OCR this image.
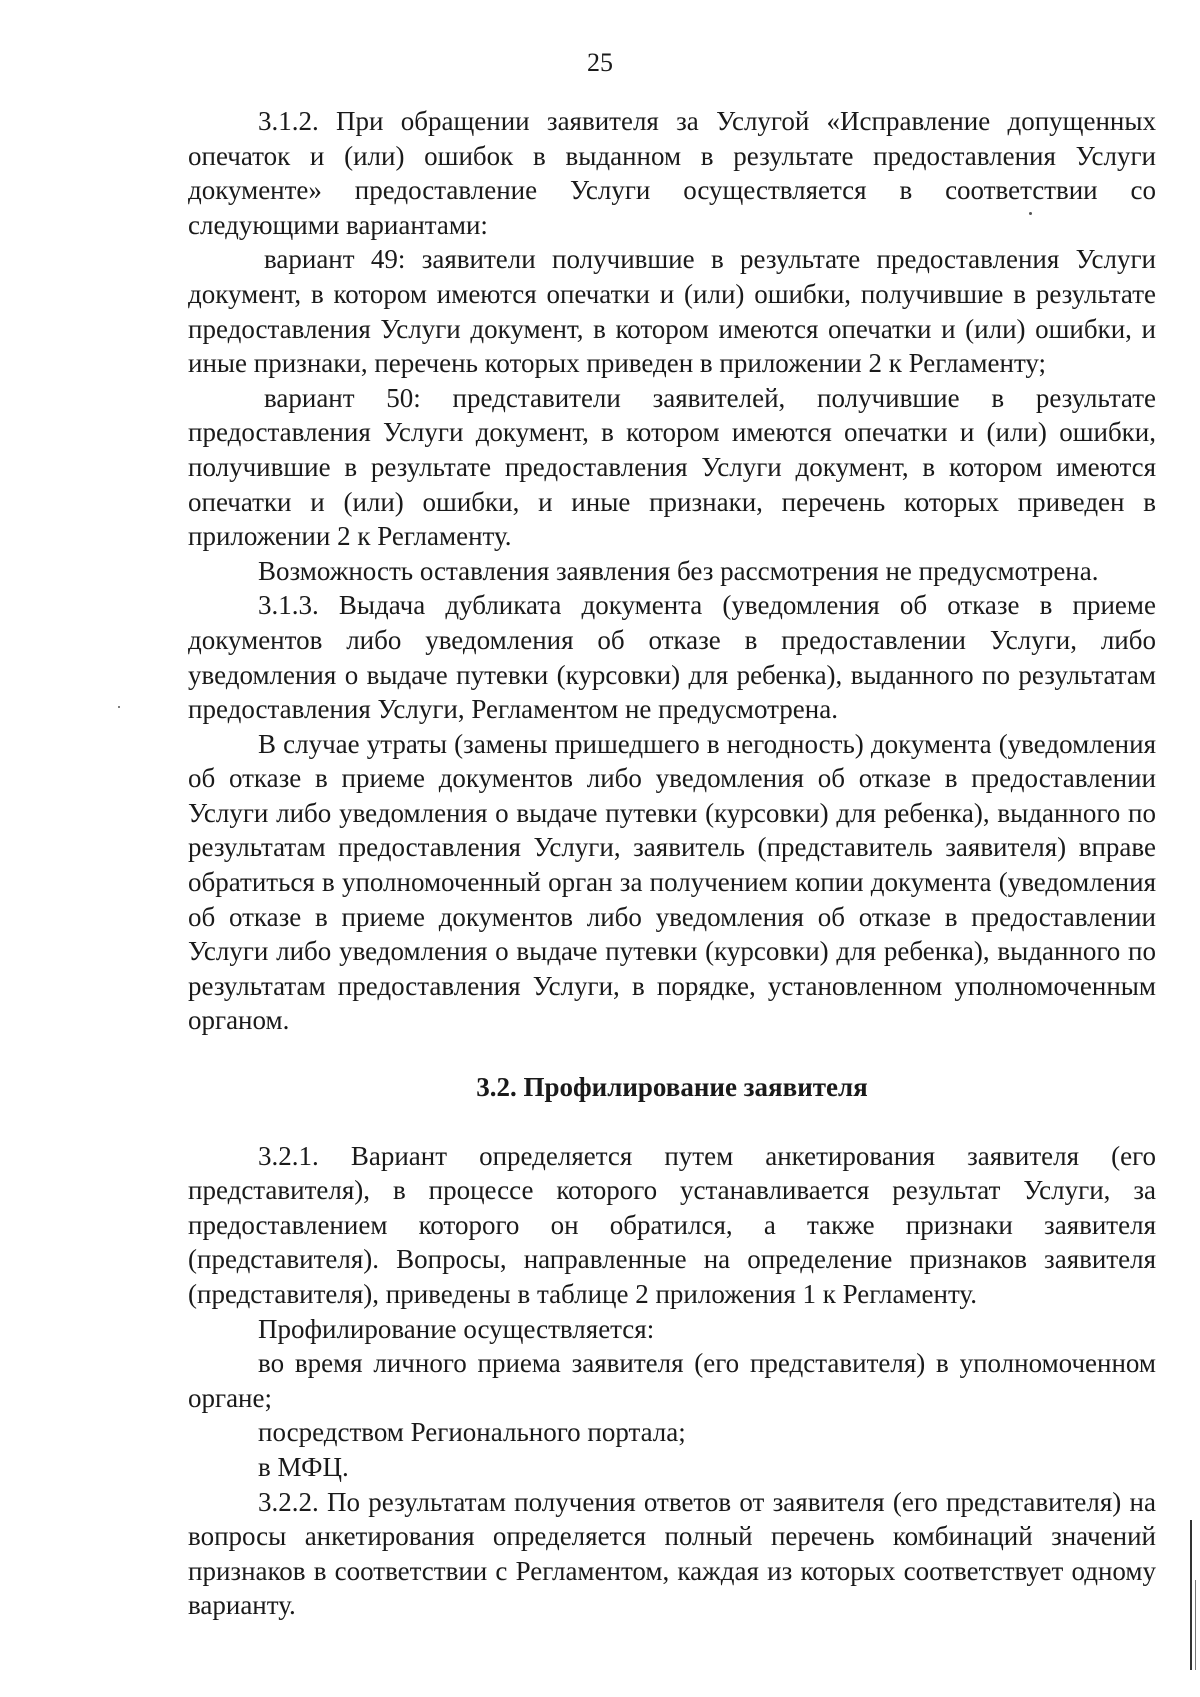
25

3.1.2. При обращении заявителя за Услугой «Исправление допущенных опечаток и (или) ошибок в выданном в результате предоставления Услуги документе» предоставление Услуги осуществляется в соответствии со следующими вариантами:

вариант 49: заявители получившие в результате предоставления Услуги документ, в котором имеются опечатки и (или) ошибки, получившие в результате предоставления Услуги документ, в котором имеются опечатки и (или) ошибки, и иные признаки, перечень которых приведен в приложении 2 к Регламенту;

вариант 50: представители заявителей, получившие в результате предоставления Услуги документ, в котором имеются опечатки и (или) ошибки, получившие в результате предоставления Услуги документ, в котором имеются опечатки и (или) ошибки, и иные признаки, перечень которых приведен в приложении 2 к Регламенту.

Возможность оставления заявления без рассмотрения не предусмотрена.

3.1.3. Выдача дубликата документа (уведомления об отказе в приеме документов либо уведомления об отказе в предоставлении Услуги, либо уведомления о выдаче путевки (курсовки) для ребенка), выданного по результатам предоставления Услуги, Регламентом не предусмотрена.

В случае утраты (замены пришедшего в негодность) документа (уведомления об отказе в приеме документов либо уведомления об отказе в предоставлении Услуги либо уведомления о выдаче путевки (курсовки) для ребенка), выданного по результатам предоставления Услуги, заявитель (представитель заявителя) вправе обратиться в уполномоченный орган за получением копии документа (уведомления об отказе в приеме документов либо уведомления об отказе в предоставлении Услуги либо уведомления о выдаче путевки (курсовки) для ребенка), выданного по результатам предоставления Услуги, в порядке, установленном уполномоченным органом.

3.2. Профилирование заявителя

3.2.1. Вариант определяется путем анкетирования заявителя (его представителя), в процессе которого устанавливается результат Услуги, за предоставлением которого он обратился, а также признаки заявителя (представителя). Вопросы, направленные на определение признаков заявителя (представителя), приведены в таблице 2 приложения 1 к Регламенту.

Профилирование осуществляется:

во время личного приема заявителя (его представителя) в уполномоченном органе;

посредством Регионального портала;

в МФЦ.

3.2.2. По результатам получения ответов от заявителя (его представителя) на вопросы анкетирования определяется полный перечень комбинаций значений признаков в соответствии с Регламентом, каждая из которых соответствует одному варианту.
